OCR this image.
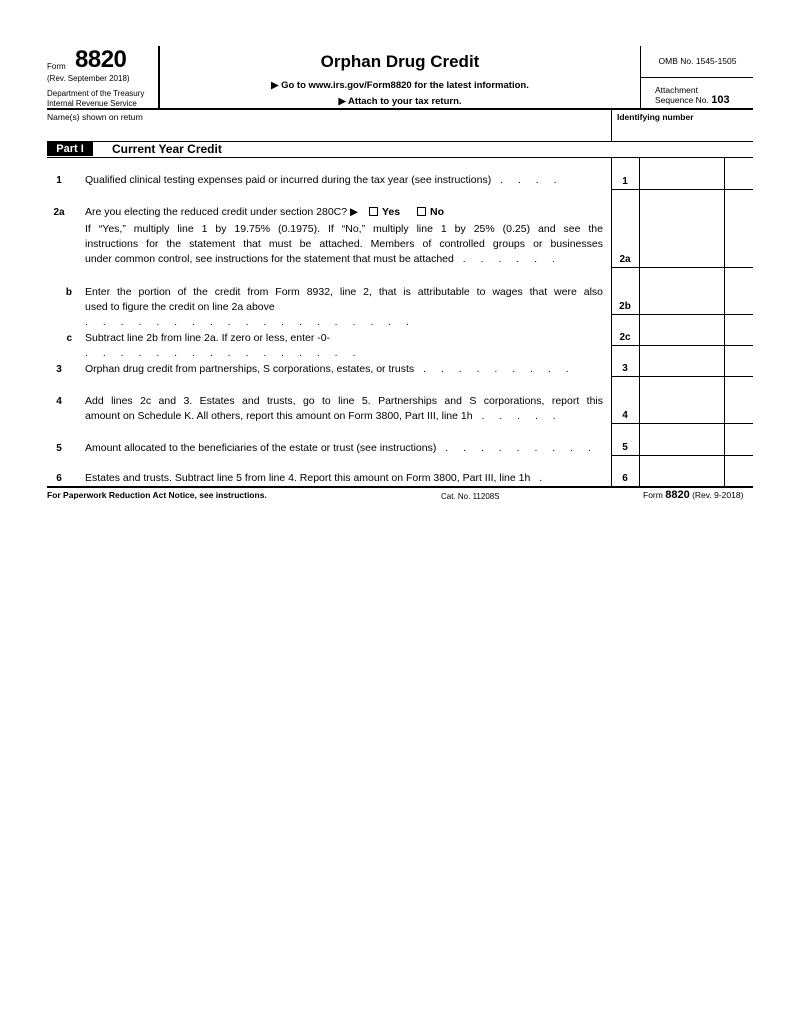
Form 8820
(Rev. September 2018)
Department of the Treasury
Internal Revenue Service
Orphan Drug Credit
▶ Go to www.irs.gov/Form8820 for the latest information.
▶ Attach to your tax return.
OMB No. 1545-1505
Attachment
Sequence No. 103
Name(s) shown on return	Identifying number
Part I	Current Year Credit
1	Qualified clinical testing expenses paid or incurred during the tax year (see instructions) . . . .	1
2a	Are you electing the reduced credit under section 280C? ▶ Yes	No
If “Yes,” multiply line 1 by 19.75% (0.1975). If “No,” multiply line 1 by 25% (0.25) and see the
instructions for the statement that must be attached. Members of controlled groups or businesses
under common control, see instructions for the statement that must be attached . . . . . .	2a
b Enter the portion of the credit from Form 8932, line 2, that is attributable to wages that were also
used to figure the credit on line 2a above . . . . . . . . . . . . . . . . . . .
2b
c Subtract line 2b from line 2a. If zero or less, enter -0- . . . . . . . . . . . . . . . .
2c
3	Orphan drug credit from partnerships, S corporations, estates, or trusts . . . . . . . . .	3
4	Add lines 2c and 3. Estates and trusts, go to line 5. Partnerships and S corporations, report this
amount on Schedule K. All others, report this amount on Form 3800, Part III, line 1h . . . . .	4
5	Amount allocated to the beneficiaries of the estate or trust (see instructions) . . . . . . . . .	5
6	Estates and trusts. Subtract line 5 from line 4. Report this amount on Form 3800, Part III, line 1h .	6
For Paperwork Reduction Act Notice, see instructions.	Cat. No. 11208S	Form 8820 (Rev. 9-2018)
